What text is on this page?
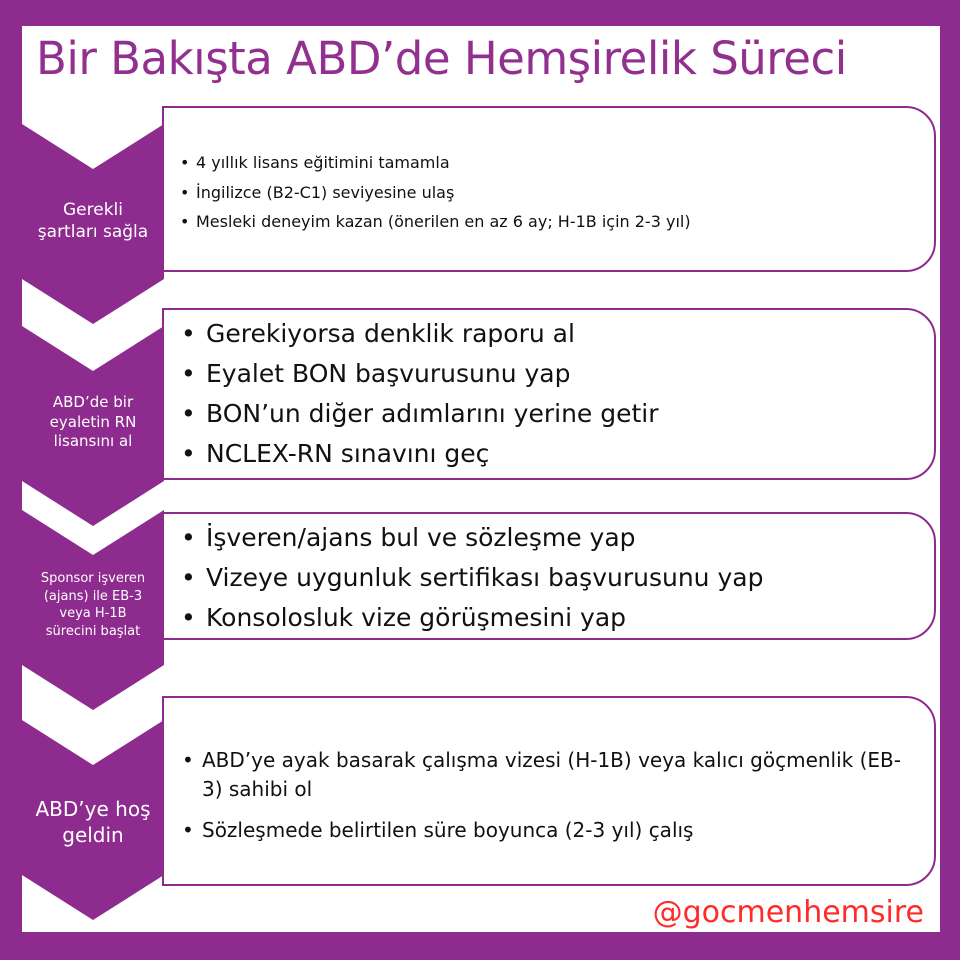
Bir Bakışta ABD’de Hemşirelik Süreci
Gerekli
şartları sağla
ABD’de bir
eyaletin RN
lisansını al
Sponsor işveren
(ajans) ile EB-3
veya H-1B
sürecini başlat
ABD’ye hoş
geldin
• 4 yıllık lisans eğitimini tamamla
• İngilizce (B2-C1) seviyesine ulaş
• Mesleki deneyim kazan (önerilen en az 6 ay; H-1B için 2-3 yıl)
• Gerekiyorsa denklik raporu al
• Eyalet BON başvurusunu yap
• BON’un diğer adımlarını yerine getir
• NCLEX-RN sınavını geç
• İşveren/ajans bul ve sözleşme yap
• Vizeye uygunluk sertifikası başvurusunu yap
• Konsolosluk vize görüşmesini yap
• ABD’ye ayak basarak çalışma vizesi (H-1B) veya kalıcı göçmenlik (EB-3) sahibi ol
• Sözleşmede belirtilen süre boyunca (2-3 yıl) çalış
@gocmenhemsire
